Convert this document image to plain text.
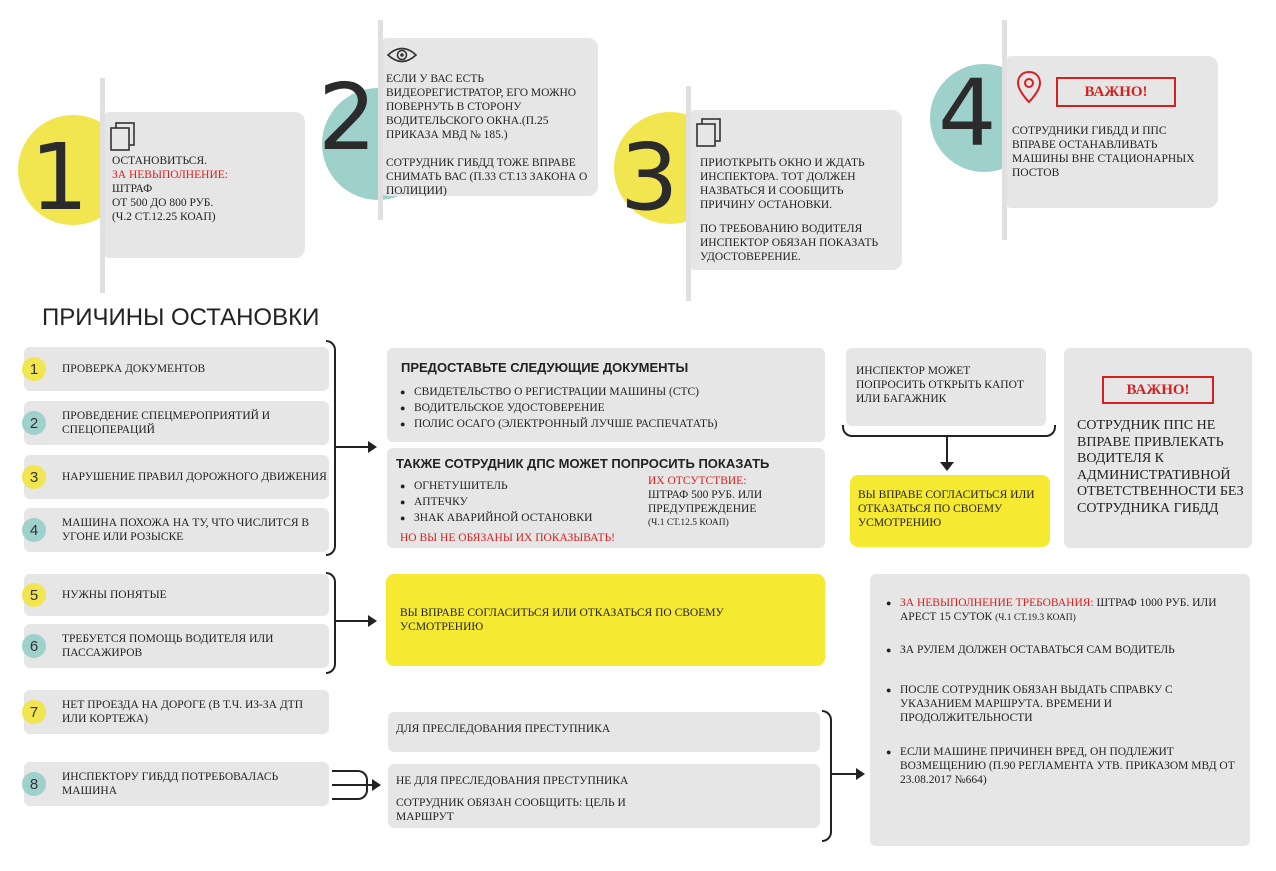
1 ОСТАНОВИТЬСЯ.
ЗА НЕВЫПОЛНЕНИЕ:
ШТРАФ
ОТ 500 ДО 800 РУБ.
(Ч.2 СТ.12.25 КОАП)
2 ЕСЛИ У ВАС ЕСТЬ ВИДЕОРЕГИСТРАТОР, ЕГО МОЖНО ПОВЕРНУТЬ В СТОРОНУ ВОДИТЕЛЬСКОГО ОКНА.(П.25 ПРИКАЗА МВД № 185.)
СОТРУДНИК ГИБДД ТОЖЕ ВПРАВЕ СНИМАТЬ ВАС (П.33 СТ.13 ЗАКОНА О ПОЛИЦИИ)	3 ПРИОТКРЫТЬ ОКНО И ЖДАТЬ ИНСПЕКТОРА. ТОТ ДОЛЖЕН НАЗВАТЬСЯ И СООБЩИТЬ ПРИЧИНУ ОСТАНОВКИ.
ПО ТРЕБОВАНИЮ ВОДИТЕЛЯ ИНСПЕКТОР ОБЯЗАН ПОКАЗАТЬ УДОСТОВЕРЕНИЕ.
4	ВАЖНО!
СОТРУДНИКИ ГИБДД И ППС ВПРАВЕ ОСТАНАВЛИВАТЬ МАШИНЫ ВНЕ СТАЦИОНАРНЫХ ПОСТОВ
ПРИЧИНЫ ОСТАНОВКИ
ПРОВЕРКА ДОКУМЕНТОВ
1
ПРОВЕДЕНИЕ СПЕЦМЕРОПРИЯТИЙ И СПЕЦОПЕРАЦИЙ
2
НАРУШЕНИЕ ПРАВИЛ ДОРОЖНОГО ДВИЖЕНИЯ
3
МАШИНА ПОХОЖА НА ТУ, ЧТО ЧИСЛИТСЯ В УГОНЕ ИЛИ РОЗЫСКЕ
4
НУЖНЫ ПОНЯТЫЕ
5
ТРЕБУЕТСЯ ПОМОЩЬ ВОДИТЕЛЯ ИЛИ ПАССАЖИРОВ
6
НЕТ ПРОЕЗДА НА ДОРОГЕ (В Т.Ч. ИЗ-ЗА ДТП ИЛИ КОРТЕЖА)
7
ИНСПЕКТОРУ ГИБДД ПОТРЕБОВАЛАСЬ МАШИНА
8
ПРЕДОСТАВЬТЕ СЛЕДУЮЩИЕ ДОКУМЕНТЫ
● СВИДЕТЕЛЬСТВО О РЕГИСТРАЦИИ МАШИНЫ (СТС)
● ВОДИТЕЛЬСКОЕ УДОСТОВЕРЕНИЕ
● ПОЛИС ОСАГО (ЭЛЕКТРОННЫЙ ЛУЧШЕ РАСПЕЧАТАТЬ)
ТАКЖЕ СОТРУДНИК ДПС МОЖЕТ ПОПРОСИТЬ ПОКАЗАТЬ
● ОГНЕТУШИТЕЛЬ
● АПТЕЧКУ
● ЗНАК АВАРИЙНОЙ ОСТАНОВКИ
НО ВЫ НЕ ОБЯЗАНЫ ИХ ПОКАЗЫВАТЬ!
ИХ ОТСУТСТВИЕ:
ШТРАФ 500 РУБ. ИЛИ ПРЕДУПРЕЖДЕНИЕ
(Ч.1 СТ.12.5 КОАП)
ИНСПЕКТОР МОЖЕТ ПОПРОСИТЬ ОТКРЫТЬ КАПОТ ИЛИ БАГАЖНИК
ВЫ ВПРАВЕ СОГЛАСИТЬСЯ ИЛИ ОТКАЗАТЬСЯ ПО СВОЕМУ УСМОТРЕНИЮ
ВАЖНО!
СОТРУДНИК ППС НЕ ВПРАВЕ ПРИВЛЕКАТЬ ВОДИТЕЛЯ К АДМИНИСТРАТИВНОЙ ОТВЕТСТВЕННОСТИ БЕЗ СОТРУДНИКА ГИБДД
ВЫ ВПРАВЕ СОГЛАСИТЬСЯ ИЛИ ОТКАЗАТЬСЯ ПО СВОЕМУ УСМОТРЕНИЮ
ДЛЯ ПРЕСЛЕДОВАНИЯ ПРЕСТУПНИКА
НЕ ДЛЯ ПРЕСЛЕДОВАНИЯ ПРЕСТУПНИКА
СОТРУДНИК ОБЯЗАН СООБЩИТЬ: ЦЕЛЬ И МАРШРУТ
● ЗА НЕВЫПОЛНЕНИЕ ТРЕБОВАНИЯ: ШТРАФ 1000 РУБ. ИЛИ АРЕСТ 15 СУТОК (Ч.1 СТ.19.3 КОАП)
● ЗА РУЛЕМ ДОЛЖЕН ОСТАВАТЬСЯ САМ ВОДИТЕЛЬ
● ПОСЛЕ СОТРУДНИК ОБЯЗАН ВЫДАТЬ СПРАВКУ С УКАЗАНИЕМ МАРШРУТА. ВРЕМЕНИ И ПРОДОЛЖИТЕЛЬНОСТИ
● ЕСЛИ МАШИНЕ ПРИЧИНЕН ВРЕД, ОН ПОДЛЕЖИТ ВОЗМЕЩЕНИЮ (П.90 РЕГЛАМЕНТА УТВ. ПРИКАЗОМ МВД ОТ 23.08.2017 №664)
